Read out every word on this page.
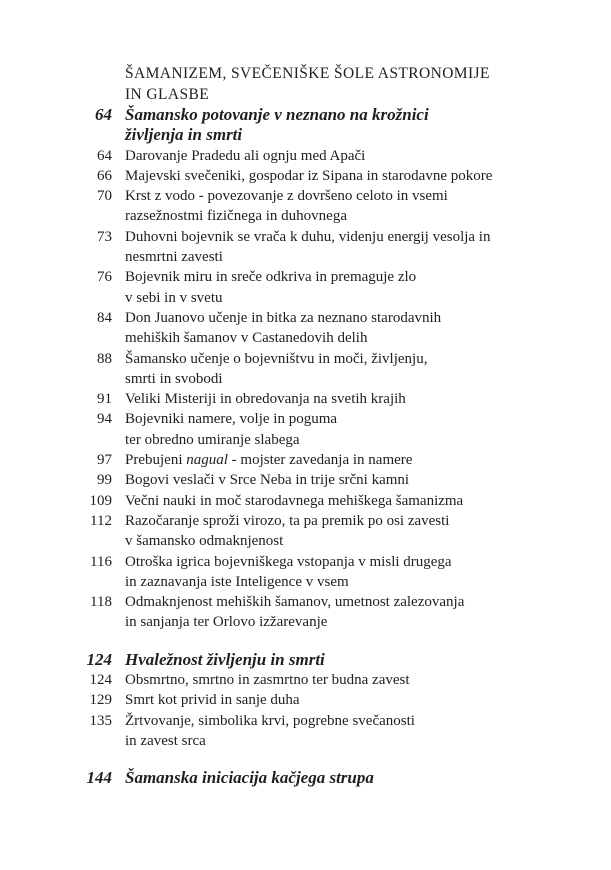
ŠAMANIZEM, SVEČENIŠKE ŠOLE ASTRONOMIJE
IN GLASBE
64 Šamansko potovanje v neznano na krožnici
življenja in smrti
64 Darovanje Pradedu ali ognju med Apači
66 Majevski svečeniki, gospodar iz Sipana in starodavne pokore
70 Krst z vodo - povezovanje z dovršeno celoto in vsemi
razsežnostmi fizičnega in duhovnega
73 Duhovni bojevnik se vrača k duhu, videnju energij vesolja in
nesmrtni zavesti
76 Bojevnik miru in sreče odkriva in premaguje zlo
v sebi in v svetu
84 Don Juanovo učenje in bitka za neznano starodavnih
mehiških šamanov v Castanedovih delih
88 Šamansko učenje o bojevništvu in moči, življenju,
smrti in svobodi
91 Veliki Misteriji in obredovanja na svetih krajih
94 Bojevniki namere, volje in poguma
ter obredno umiranje slabega
97 Prebujeni nagual - mojster zavedanja in namere
99 Bogovi veslači v Srce Neba in trije srčni kamni
109 Večni nauki in moč starodavnega mehiškega šamanizma
112 Razočaranje sproži virozo, ta pa premik po osi zavesti
v šamansko odmaknjenost
116 Otroška igrica bojevniškega vstopanja v misli drugega
in zaznavanja iste Inteligence v vsem
118 Odmaknjenost mehiških šamanov, umetnost zalezovanja
in sanjanja ter Orlovo izžarevanje
124 Hvaležnost življenju in smrti
124 Obsmrtno, smrtno in zasmrtno ter budna zavest
129 Smrt kot privid in sanje duha
135 Žrtvovanje, simbolika krvi, pogrebne svečanosti
in zavest srca
144 Šamanska iniciacija kačjega strupa
